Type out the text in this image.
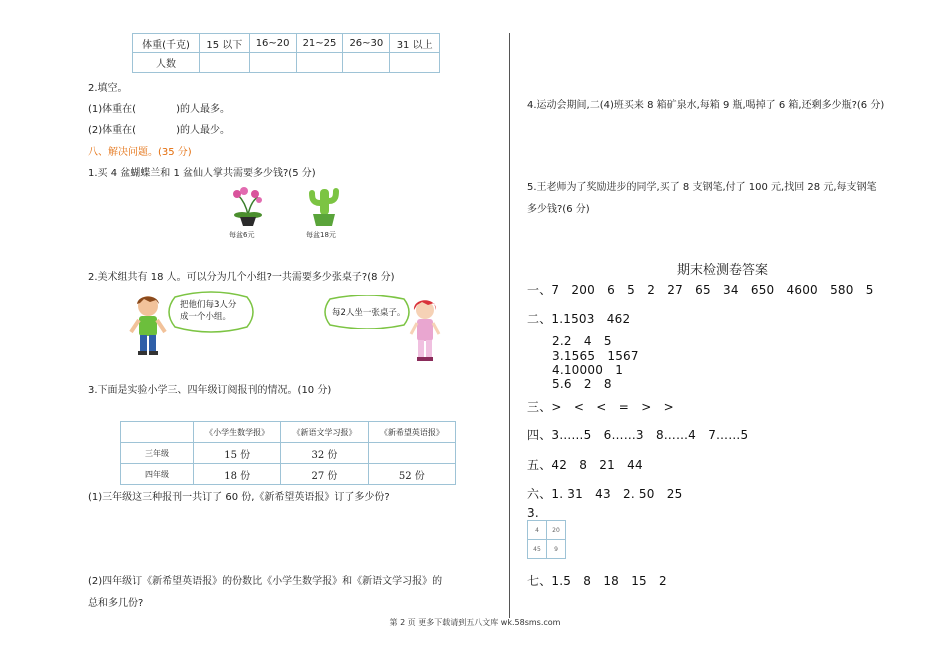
体重(千克)	15 以下	16~20	21~25	26~30	31 以上
人数					
2.填空。
(1)体重在(　　　　)的人最多。
(2)体重在(　　　　)的人最少。
八、解决问题。(35 分)
1.买 4 盆蝴蝶兰和 1 盆仙人掌共需要多少钱?(5 分)
每盆6元	每盆18元
2.美术组共有 18 人。可以分为几个小组?一共需要多少张桌子?(8 分)
把他们每3人分成一个小组。	每2人坐一张桌子。
3.下面是实验小学三、四年级订阅报刊的情况。(10 分)
	《小学生数学报》	《新语文学习报》	《新希望英语报》
三年级	15 份	32 份	
四年级	18 份	27 份	52 份
(1)三年级这三种报刊一共订了 60 份,《新希望英语报》订了多少份?
(2)四年级订《新希望英语报》的份数比《小学生数学报》和《新语文学习报》的
总和多几份?
4.运动会期间,二(4)班买来 8 箱矿泉水,每箱 9 瓶,喝掉了 6 箱,还剩多少瓶?(6 分)
5.王老师为了奖励进步的同学,买了 8 支钢笔,付了 100 元,找回 28 元,每支钢笔
多少钱?(6 分)
期末检测卷答案
一、7　200　6　5　2　27　65　34　650　4600　580　5
二、1.1503　462
2.2　4　5
3.1565　1567
4.10000　1
5.6　2　8
三、>　<　<　=　>　>
四、3……5　6……3　8……4　7……5
五、42　8　21　44
六、1. 31　43　2. 50　25
3.
4	20
45	9
七、1.5　8　18　15　2
第 2 页 更多下载请到五八文库 wk.58sms.com
